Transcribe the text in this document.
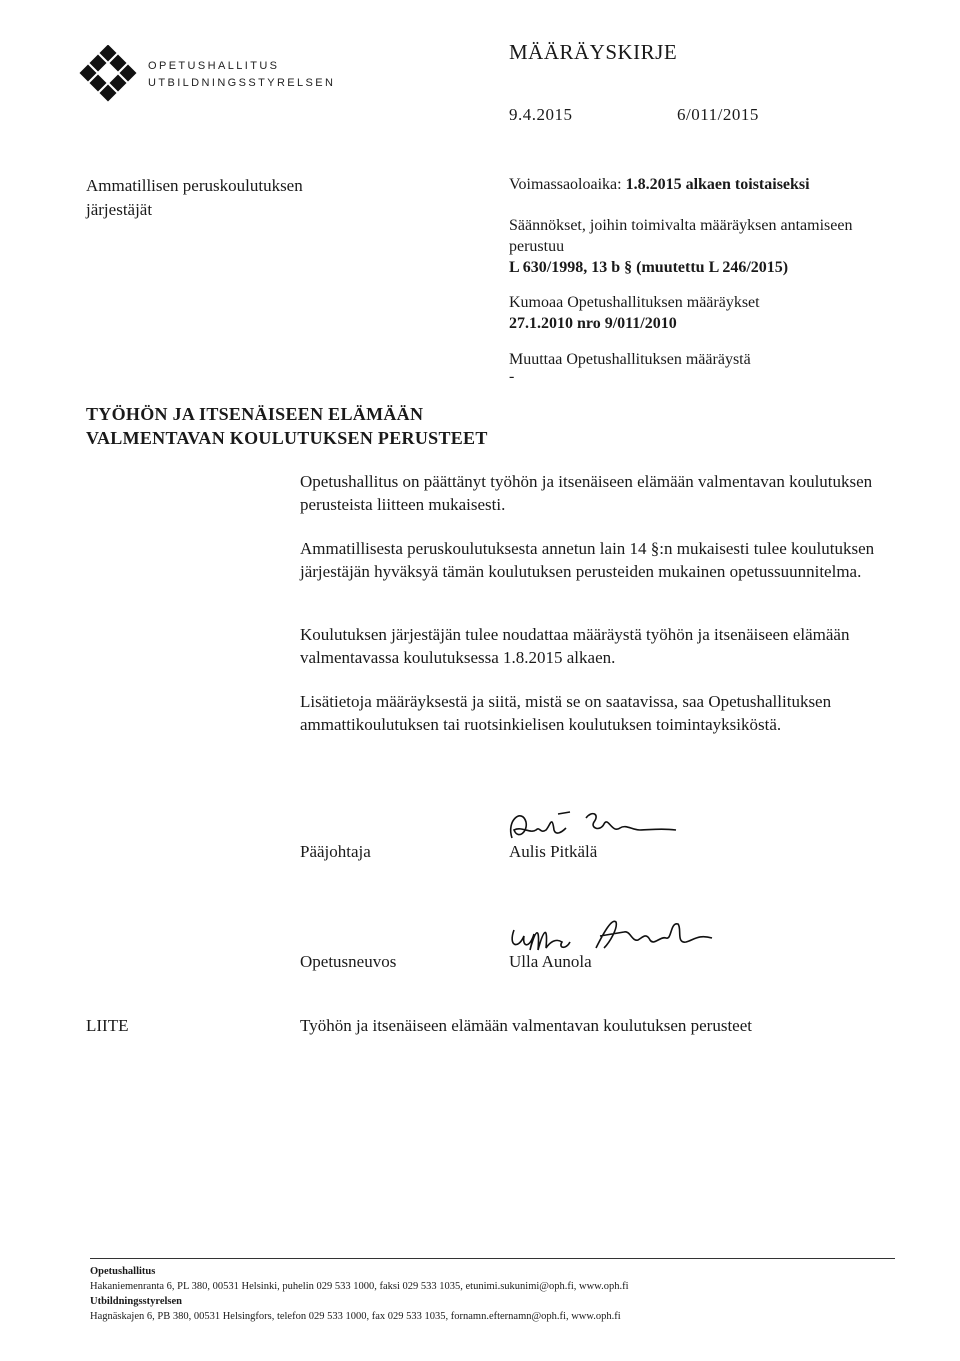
OPETUSHALLITUS
UTBILDNINGSSTYRELSEN
MÄÄRÄYSKIRJE
9.4.2015	6/011/2015
Ammatillisen peruskoulutuksen
järjestäjät
Voimassaoloaika: 1.8.2015 alkaen toistaiseksi
Säännökset, joihin toimivalta määräyksen antamiseen
perustuu
L 630/1998, 13 b § (muutettu L 246/2015)
Kumoaa Opetushallituksen määräykset
27.1.2010 nro 9/011/2010
Muuttaa Opetushallituksen määräystä
-
TYÖHÖN JA ITSENÄISEEN ELÄMÄÄN
VALMENTAVAN KOULUTUKSEN PERUSTEET
Opetushallitus on päättänyt työhön ja itsenäiseen elämään valmentavan koulutuksen perusteista liitteen mukaisesti.
Ammatillisesta peruskoulutuksesta annetun lain 14 §:n mukaisesti tulee koulutuksen järjestäjän hyväksyä tämän koulutuksen perusteiden mukainen opetussuunnitelma.
Koulutuksen järjestäjän tulee noudattaa määräystä työhön ja itsenäiseen elämään valmentavassa koulutuksessa 1.8.2015 alkaen.
Lisätietoja määräyksestä ja siitä, mistä se on saatavissa, saa Opetushallituksen ammattikoulutuksen tai ruotsinkielisen koulutuksen toimintayksiköstä.
Pääjohtaja	Aulis Pitkälä
Opetusneuvos	Ulla Aunola
LIITE	Työhön ja itsenäiseen elämään valmentavan koulutuksen perusteet
Opetushallitus
Hakaniemenranta 6, PL 380, 00531 Helsinki, puhelin 029 533 1000, faksi 029 533 1035, etunimi.sukunimi@oph.fi, www.oph.fi
Utbildningsstyrelsen
Hagnäskajen 6, PB 380, 00531 Helsingfors, telefon 029 533 1000, fax 029 533 1035, fornamn.efternamn@oph.fi, www.oph.fi
